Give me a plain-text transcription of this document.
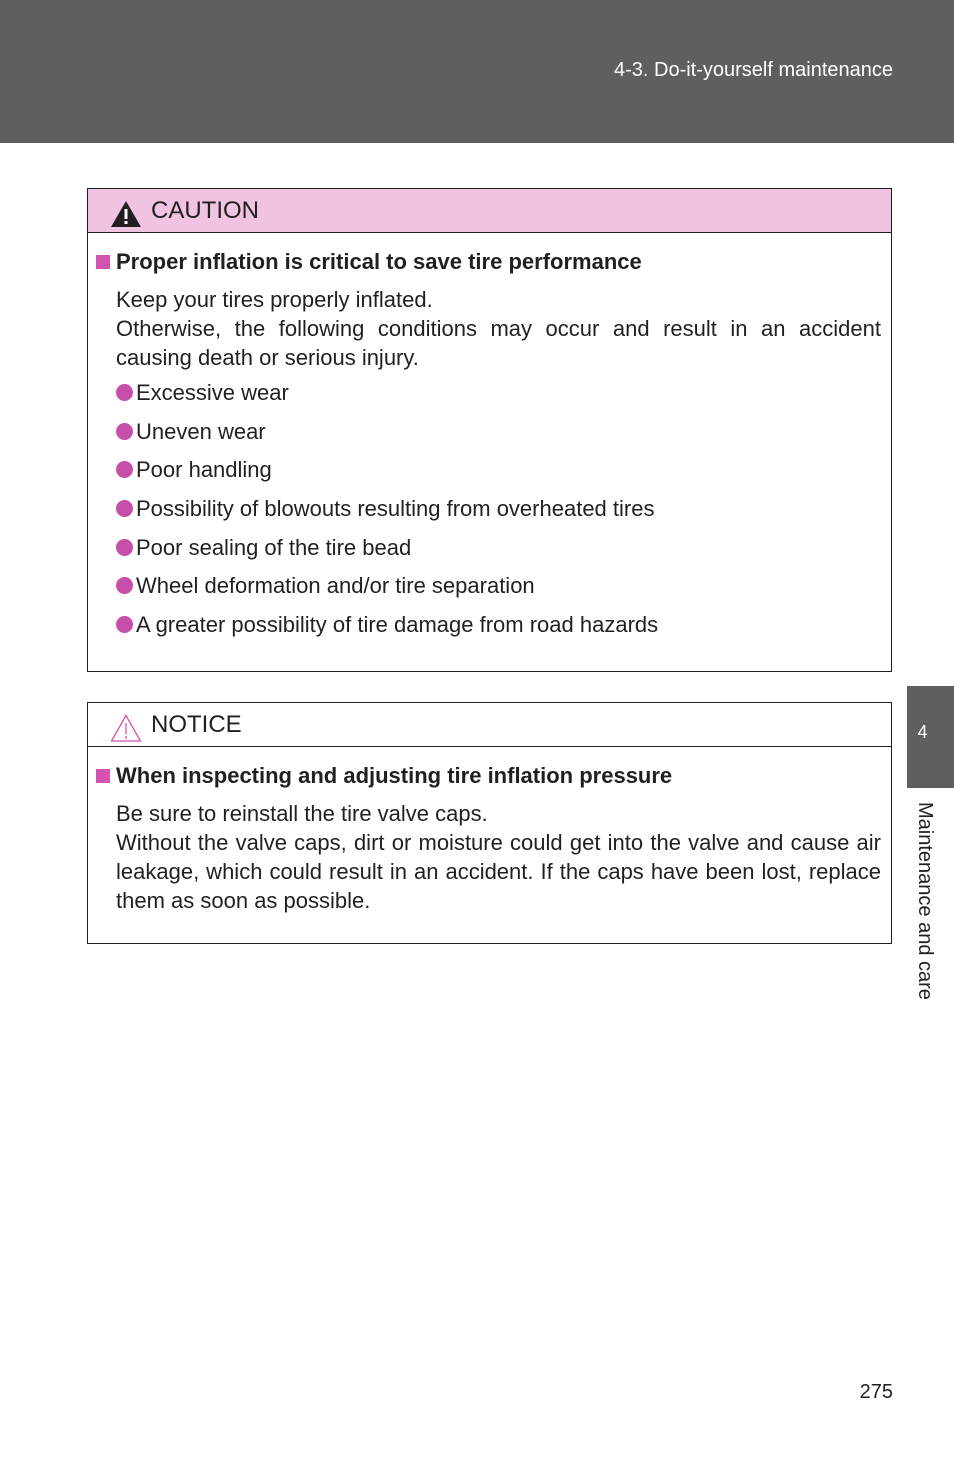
4-3. Do-it-yourself maintenance
CAUTION
Proper inflation is critical to save tire performance

Keep your tires properly inflated.

Otherwise, the following conditions may occur and result in an accident causing death or serious injury.

Excessive wear
Uneven wear
Poor handling
Possibility of blowouts resulting from overheated tires
Poor sealing of the tire bead
Wheel deformation and/or tire separation
A greater possibility of tire damage from road hazards
NOTICE
When inspecting and adjusting tire inflation pressure

Be sure to reinstall the tire valve caps.

Without the valve caps, dirt or moisture could get into the valve and cause air leakage, which could result in an accident. If the caps have been lost, replace them as soon as possible.

4
Maintenance and care
275
